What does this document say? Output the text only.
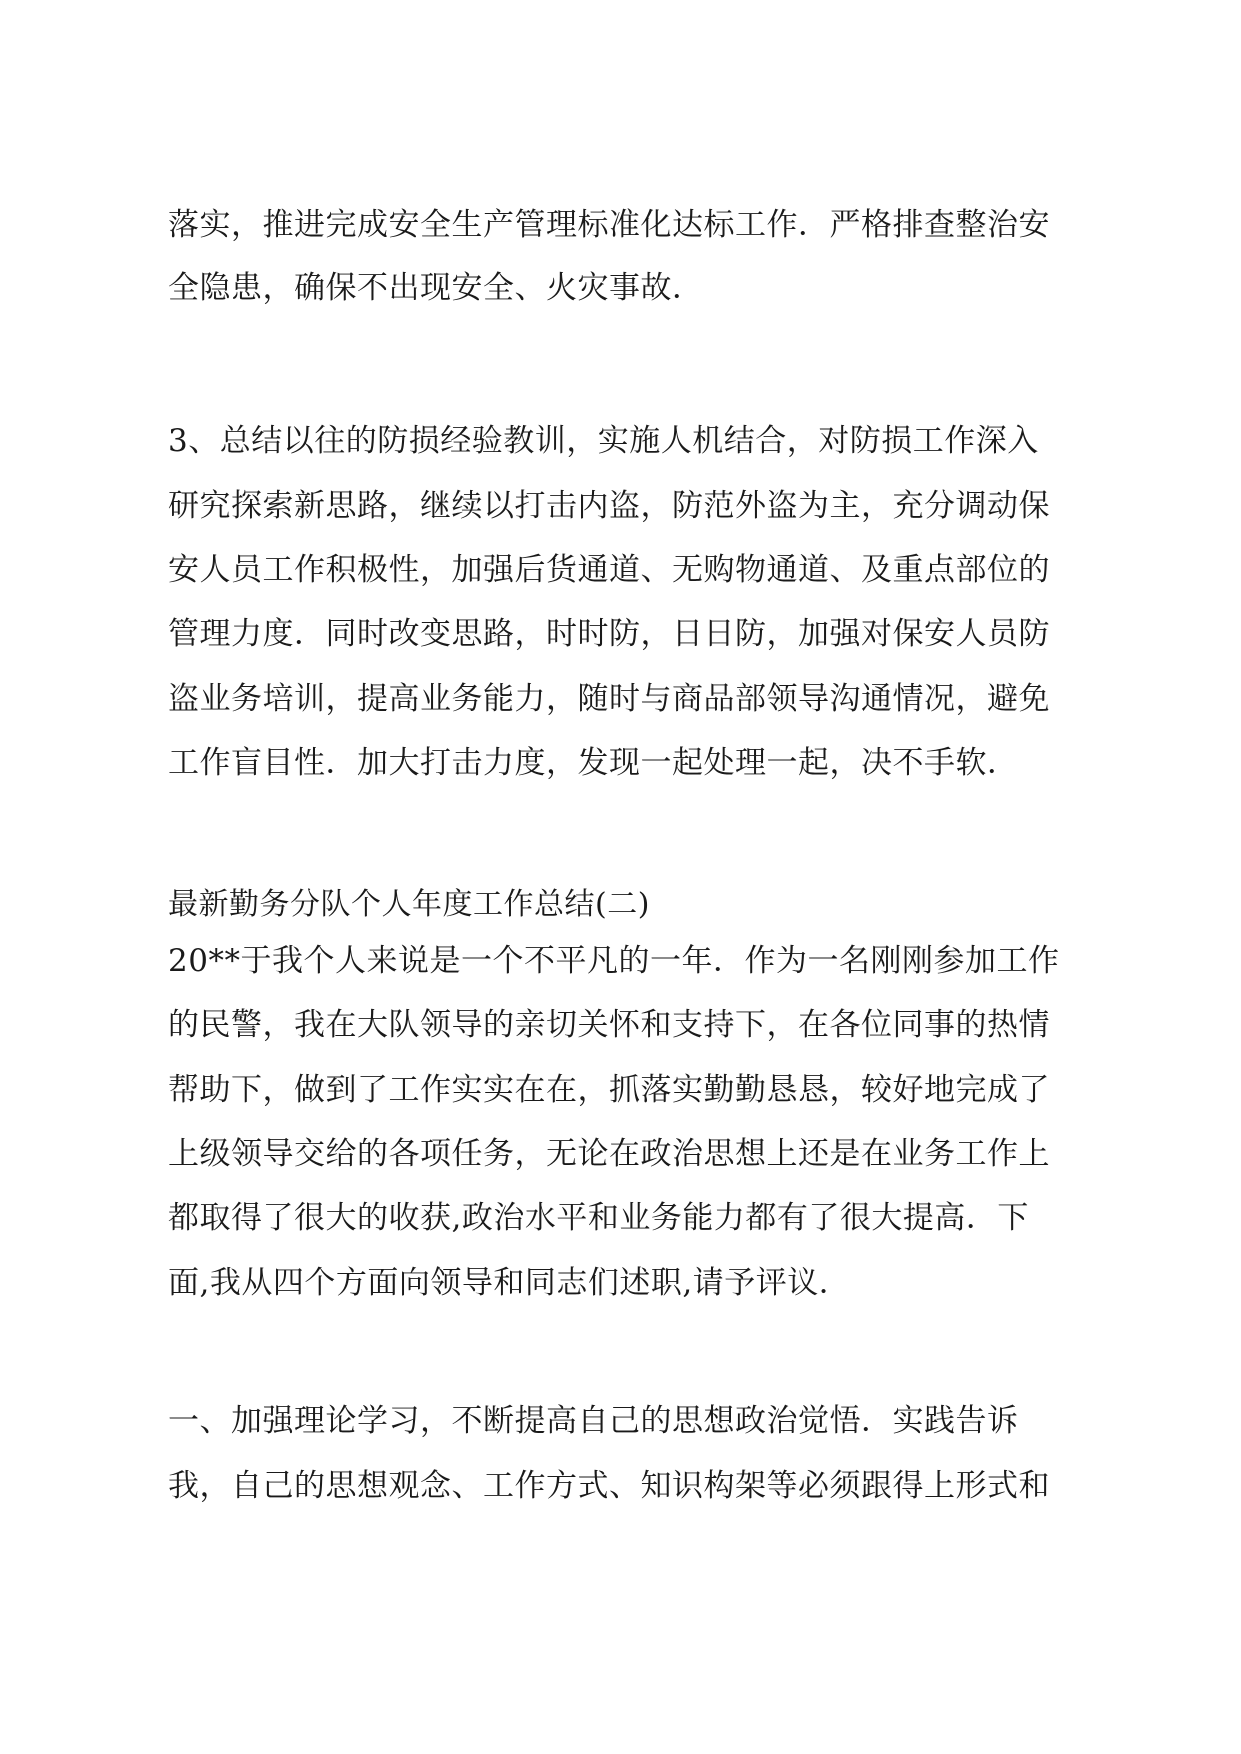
落实，推进完成安全生产管理标准化达标工作．严格排查整治安
全隐患，确保不出现安全、火灾事故．
3、总结以往的防损经验教训，实施人机结合，对防损工作深入
研究探索新思路，继续以打击内盗，防范外盗为主，充分调动保
安人员工作积极性，加强后货通道、无购物通道、及重点部位的
管理力度．同时改变思路，时时防，日日防，加强对保安人员防
盗业务培训，提高业务能力，随时与商品部领导沟通情况，避免
工作盲目性．加大打击力度，发现一起处理一起，决不手软．
最新勤务分队个人年度工作总结(二)
20**于我个人来说是一个不平凡的一年．作为一名刚刚参加工作
的民警，我在大队领导的亲切关怀和支持下，在各位同事的热情
帮助下，做到了工作实实在在，抓落实勤勤恳恳，较好地完成了
上级领导交给的各项任务，无论在政治思想上还是在业务工作上
都取得了很大的收获,政治水平和业务能力都有了很大提高．下
面,我从四个方面向领导和同志们述职,请予评议．
一、加强理论学习，不断提高自己的思想政治觉悟．实践告诉
我，自己的思想观念、工作方式、知识构架等必须跟得上形式和
